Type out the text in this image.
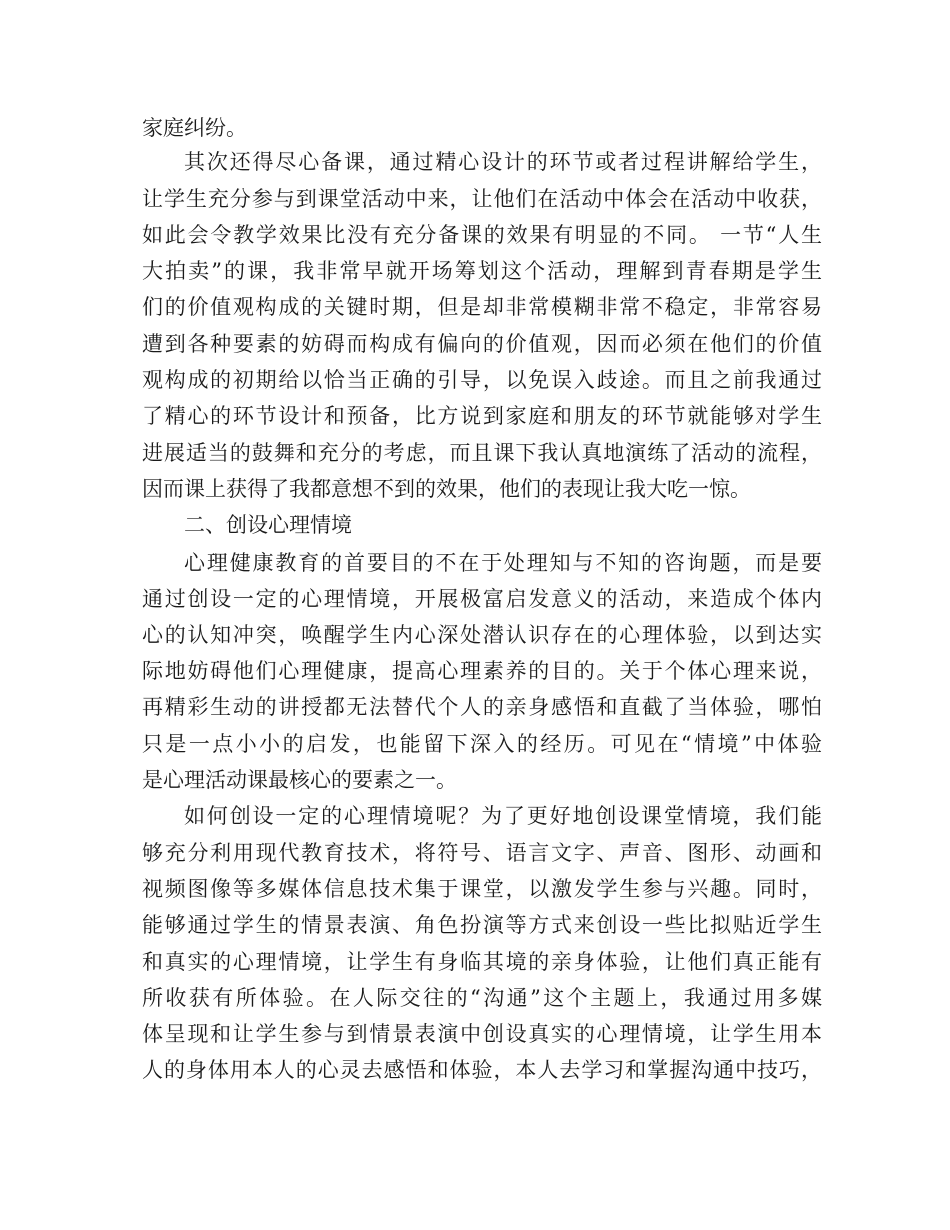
家庭纠纷。
其次还得尽心备课，通过精心设计的环节或者过程讲解给学生，
让学生充分参与到课堂活动中来，让他们在活动中体会在活动中收获，
如此会令教学效果比没有充分备课的效果有明显的不同。 一节“人生
大拍卖”的课，我非常早就开场筹划这个活动，理解到青春期是学生
们的价值观构成的关键时期，但是却非常模糊非常不稳定，非常容易
遭到各种要素的妨碍而构成有偏向的价值观，因而必须在他们的价值
观构成的初期给以恰当正确的引导，以免误入歧途。而且之前我通过
了精心的环节设计和预备，比方说到家庭和朋友的环节就能够对学生
进展适当的鼓舞和充分的考虑，而且课下我认真地演练了活动的流程，
因而课上获得了我都意想不到的效果，他们的表现让我大吃一惊。
二、创设心理情境
心理健康教育的首要目的不在于处理知与不知的咨询题，而是要
通过创设一定的心理情境，开展极富启发意义的活动，来造成个体内
心的认知冲突，唤醒学生内心深处潜认识存在的心理体验，以到达实
际地妨碍他们心理健康，提高心理素养的目的。关于个体心理来说，
再精彩生动的讲授都无法替代个人的亲身感悟和直截了当体验，哪怕
只是一点小小的启发，也能留下深入的经历。可见在“情境”中体验
是心理活动课最核心的要素之一。
如何创设一定的心理情境呢？为了更好地创设课堂情境，我们能
够充分利用现代教育技术，将符号、语言文字、声音、图形、动画和
视频图像等多媒体信息技术集于课堂，以激发学生参与兴趣。同时，
能够通过学生的情景表演、角色扮演等方式来创设一些比拟贴近学生
和真实的心理情境，让学生有身临其境的亲身体验，让他们真正能有
所收获有所体验。在人际交往的“沟通”这个主题上，我通过用多媒
体呈现和让学生参与到情景表演中创设真实的心理情境，让学生用本
人的身体用本人的心灵去感悟和体验，本人去学习和掌握沟通中技巧，
